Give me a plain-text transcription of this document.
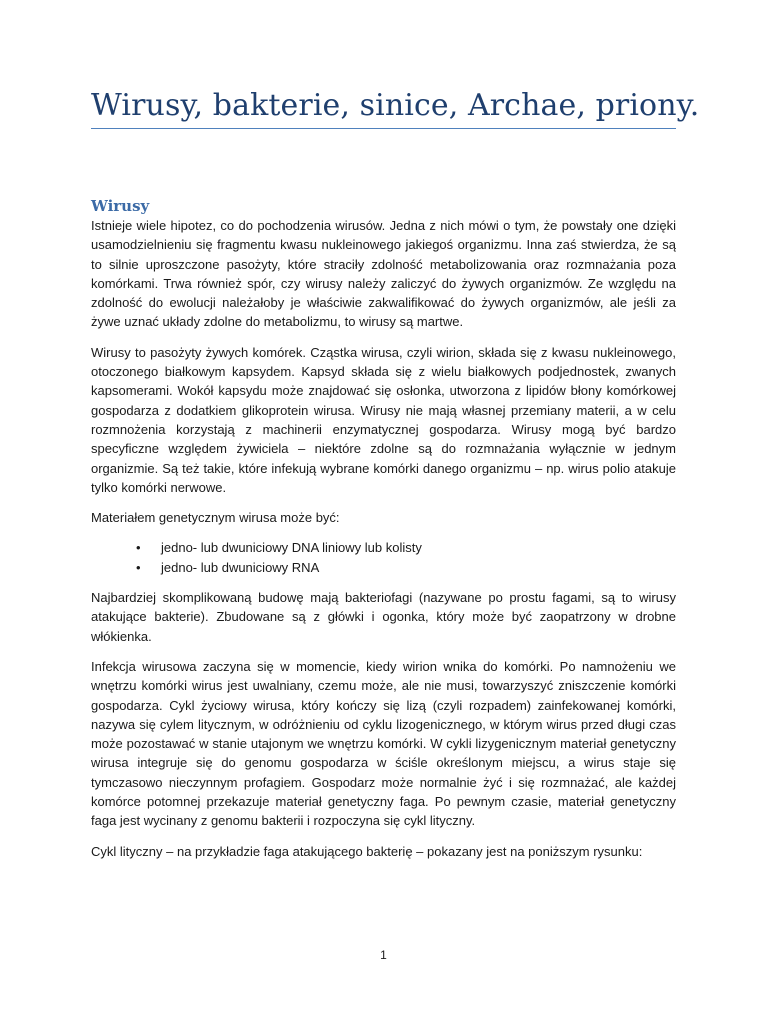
Wirusy, bakterie, sinice, Archae, priony.
Wirusy

Istnieje wiele hipotez, co do pochodzenia wirusów. Jedna z nich mówi o tym, że powstały one dzięki usamodzielnieniu się fragmentu kwasu nukleinowego jakiegoś organizmu. Inna zaś stwierdza, że są to silnie uproszczone pasożyty, które straciły zdolność metabolizowania oraz rozmnażania poza komórkami. Trwa również spór, czy wirusy należy zaliczyć do żywych organizmów. Ze względu na zdolność do ewolucji należałoby je właściwie zakwalifikować do żywych organizmów, ale jeśli za żywe uznać układy zdolne do metabolizmu, to wirusy są martwe.

Wirusy to pasożyty żywych komórek. Cząstka wirusa, czyli wirion, składa się z kwasu nukleinowego, otoczonego białkowym kapsydem. Kapsyd składa się z wielu białkowych podjednostek, zwanych kapsomerami. Wokół kapsydu może znajdować się osłonka, utworzona z lipidów błony komórkowej gospodarza z dodatkiem glikoprotein wirusa. Wirusy nie mają własnej przemiany materii, a w celu rozmnożenia korzystają z machinerii enzymatycznej gospodarza. Wirusy mogą być bardzo specyficzne względem żywiciela – niektóre zdolne są do rozmnażania wyłącznie w jednym organizmie. Są też takie, które infekują wybrane komórki danego organizmu – np. wirus polio atakuje tylko komórki nerwowe.

Materiałem genetycznym wirusa może być:

• jedno- lub dwuniciowy DNA liniowy lub kolisty
• jedno- lub dwuniciowy RNA

Najbardziej skomplikowaną budowę mają bakteriofagi (nazywane po prostu fagami, są to wirusy atakujące bakterie). Zbudowane są z główki i ogonka, który może być zaopatrzony w drobne włókienka.

Infekcja wirusowa zaczyna się w momencie, kiedy wirion wnika do komórki. Po namnożeniu we wnętrzu komórki wirus jest uwalniany, czemu może, ale nie musi, towarzyszyć zniszczenie komórki gospodarza. Cykl życiowy wirusa, który kończy się lizą (czyli rozpadem) zainfekowanej komórki, nazywa się cylem litycznym, w odróżnieniu od cyklu lizogenicznego, w którym wirus przed długi czas może pozostawać w stanie utajonym we wnętrzu komórki. W cykli lizygenicznym materiał genetyczny wirusa integruje się do genomu gospodarza w ściśle określonym miejscu, a wirus staje się tymczasowo nieczynnym profagiem. Gospodarz może normalnie żyć i się rozmnażać, ale każdej komórce potomnej przekazuje materiał genetyczny faga. Po pewnym czasie, materiał genetyczny faga jest wycinany z genomu bakterii i rozpoczyna się cykl lityczny.

Cykl lityczny – na przykładzie faga atakującego bakterię – pokazany jest na poniższym rysunku:

1
